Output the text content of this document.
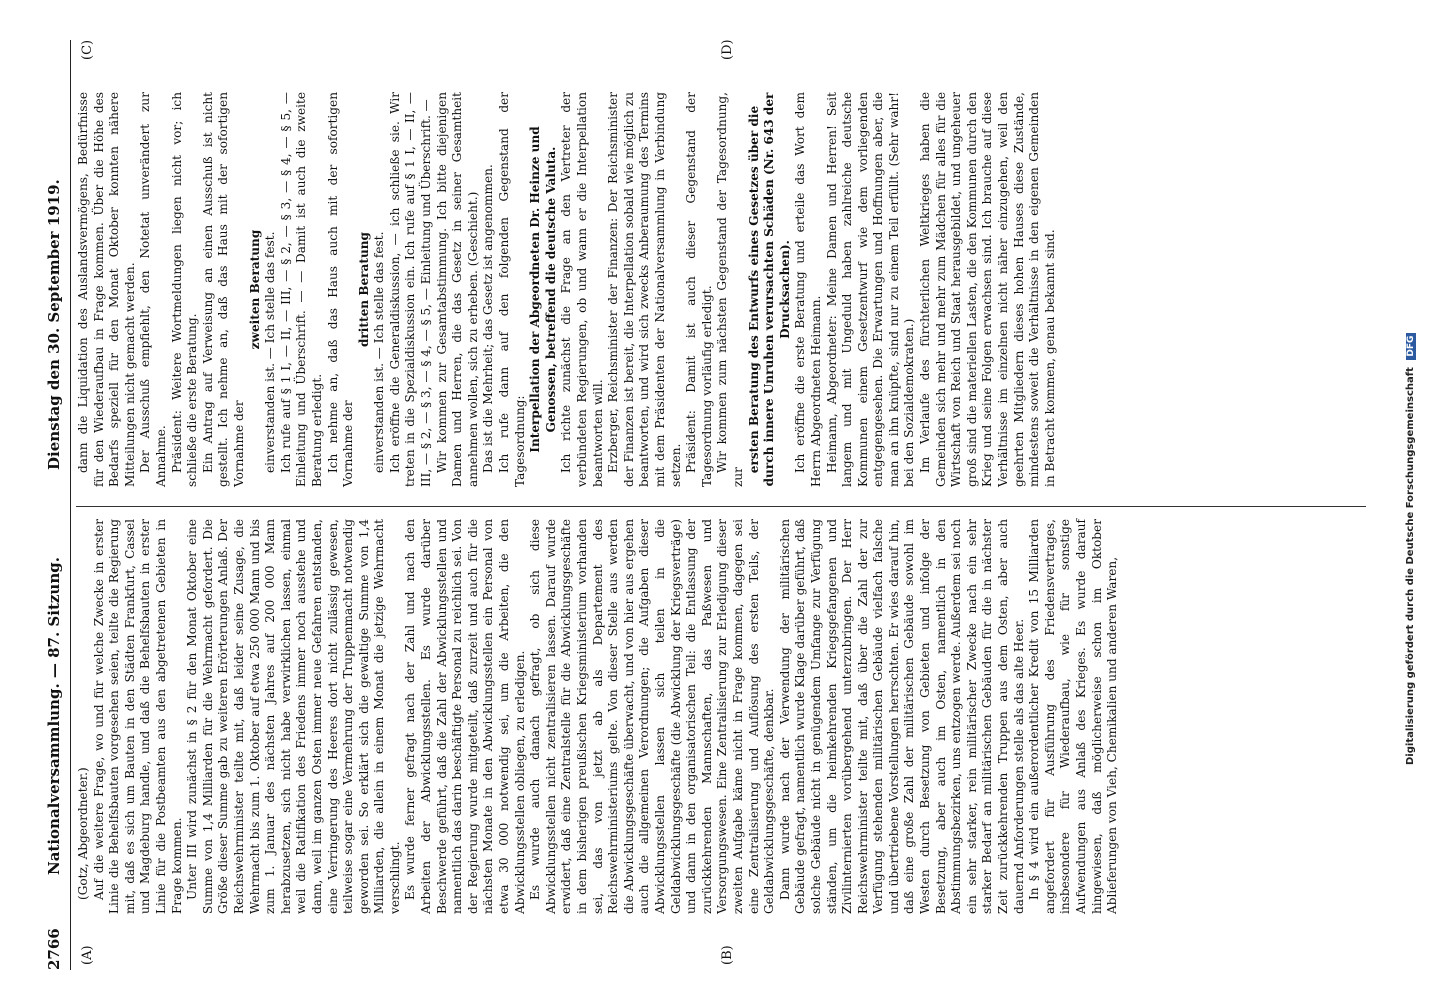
2766
Nationalversammlung. — 87. Sitzung.
Dienstag den 30. September 1919.
(A)	(B)
(C)	(D)

(Gotz, Abgeordneter.) Auf die weitere Frage, wo und für welche Zwecke in erster Linie die Behelfsbauten vorgesehen seien, teilte die Regierung mit, daß es sich um Bauten in den Städten Frankfurt, Cassel und Magdeburg handle, und daß die Behelfsbauten in erster Linie für die Postbeamten aus den abgetretenen Gebieten in Frage kommen. Unter III wird zunächst in § 2 für den Monat Oktober eine Summe von 1,4 Milliarden für die Wehrmacht gefordert. Die Größe dieser Summe gab zu weiteren Erörterungen Anlaß. Der Reichswehrminister teilte mit, daß leider seine Zusage, die Wehrmacht bis zum 1. Oktober auf etwa 250 000 Mann und bis zum 1. Januar des nächsten Jahres auf 200 000 Mann herabzusetzen, sich nicht habe verwirklichen lassen, einmal weil die Ratifikation des Friedens immer noch ausstehe und dann, weil im ganzen Osten immer neue Gefahren entstanden, eine Verringerung des Heeres dort nicht zulässig gewesen, teilweise sogar eine Vermehrung der Truppenmacht notwendig geworden sei. So erklärt sich die gewaltige Summe von 1,4 Milliarden, die allein in einem Monat die jetzige Wehrmacht verschlingt. Es wurde ferner gefragt nach der Zahl und nach den Arbeiten der Abwicklungsstellen. Es wurde darüber Beschwerde geführt, daß die Zahl der Abwicklungsstellen und namentlich das darin beschäftigte Personal zu reichlich sei. Von der Regierung wurde mitgeteilt, daß zurzeit und auch für die nächsten Monate in den Abwicklungsstellen ein Personal von etwa 30 000 notwendig sei, um die Arbeiten, die den Abwicklungsstellen obliegen, zu erledigen. Es wurde auch danach gefragt, ob sich diese Abwicklungsstellen nicht zentralisieren lassen. Darauf wurde erwidert, daß eine Zentralstelle für die Abwicklungsgeschäfte in dem bisherigen preußischen Kriegsministerium vorhanden sei, das von jetzt ab als Departement des Reichswehrministeriums gelte. Von dieser Stelle aus werden die Abwicklungsgeschäfte überwacht, und von hier aus ergehen auch die allgemeinen Verordnungen; die Aufgaben dieser Abwicklungsstellen lassen sich teilen in die Geldabwicklungsgeschäfte (die Abwicklung der Kriegsverträge) und dann in den organisatorischen Teil: die Entlassung der zurückkehrenden Mannschaften, das Paßwesen und Versorgungswesen. Eine Zentralisierung zur Erledigung dieser zweiten Aufgabe käme nicht in Frage kommen, dagegen sei eine Zentralisierung und Auflösung des ersten Teils, der Geldabwicklungsgeschäfte, denkbar. Dann wurde nach der Verwendung der militärischen Gebäude gefragt, namentlich wurde Klage darüber geführt, daß solche Gebäude nicht in genügendem Umfange zur Verfügung ständen, um die heimkehrenden Kriegsgefangenen und Zivilinternierten vorübergehend unterzubringen. Der Herr Reichswehrminister teilte mit, daß über die Zahl der zur Verfügung stehenden militärischen Gebäude vielfach falsche und übertriebene Vorstellungen herrschten. Er wies darauf hin, daß eine große Zahl der militärischen Gebäude sowohl im Westen durch Besetzung von Gebieten und infolge der Besetzung, aber auch im Osten, namentlich in den Abstimmungsbezirken, uns entzogen werde. Außerdem sei noch ein sehr starker, rein militärischer Zwecke nach ein sehr starker Bedarf an militärischen Gebäuden für die in nächster Zeit zurückkehrenden Truppen aus dem Osten, aber auch dauernd Anforderungen stelle als das alte Heer. In § 4 wird ein außerordentlicher Kredit von 15 Milliarden angefordert für Ausführung des Friedensvertrages, insbesondere für Wiederaufbau, wie für sonstige Aufwendungen aus Anlaß des Krieges. Es wurde darauf hingewiesen, daß möglicherweise schon im Oktober Ablieferungen von Vieh, Chemikalien und anderen Waren,

dann die Liquidation des Auslandsvermögens, Bedürfnisse für den Wiederaufbau in Frage kommen. Über die Höhe des Bedarfs speziell für den Monat Oktober konnten nähere Mitteilungen nicht gemacht werden. Der Ausschuß empfiehlt, den Notetat unverändert zur Annahme. Präsident: Weitere Wortmeldungen liegen nicht vor; ich schließe die erste Beratung. Ein Antrag auf Verweisung an einen Ausschuß ist nicht gestellt. Ich nehme an, daß das Haus mit der sofortigen Vornahme der

zweiten Beratung einverstanden ist. — Ich stelle das fest. Ich rufe auf § 1 I, — II, — III, — § 2, — § 3, — § 4, — § 5, — Einleitung und Überschrift. — — Damit ist auch die zweite Beratung erledigt. Ich nehme an, daß das Haus auch mit der sofortigen Vornahme der

dritten Beratung einverstanden ist. — Ich stelle das fest. Ich eröffne die Generaldiskussion, — ich schließe sie. Wir treten in die Spezialdiskussion ein. Ich rufe auf § 1 I, — II, — III, — § 2, — § 3, — § 4, — § 5, — Einleitung und Überschrift. — Wir kommen zur Gesamtabstimmung. Ich bitte diejenigen Damen und Herren, die das Gesetz in seiner Gesamtheit annehmen wollen, sich zu erheben. (Geschieht.) Das ist die Mehrheit; das Gesetz ist angenommen. Ich rufe dann auf den folgenden Gegenstand der Tagesordnung: Interpellation der Abgeordneten Dr. Heinze und Genossen, betreffend die deutsche Valuta. Ich richte zunächst die Frage an den Vertreter der verbündeten Regierungen, ob und wann er die Interpellation beantworten will. Erzberger, Reichsminister der Finanzen: Der Reichsminister der Finanzen ist bereit, die Interpellation sobald wie möglich zu beantworten, und wird sich zwecks Anberaumung des Termins mit dem Präsidenten der Nationalversammlung in Verbindung setzen. Präsident: Damit ist auch dieser Gegenstand der Tagesordnung vorläufig erledigt. Wir kommen zum nächsten Gegenstand der Tagesordnung, zur

ersten Beratung des Entwurfs eines Gesetzes über die durch innere Unruhen verursachten Schäden (Nr. 643 der Drucksachen). Ich eröffne die erste Beratung und erteile das Wort dem Herrn Abgeordneten Heimann. Heimann, Abgeordneter: Meine Damen und Herren! Seit langem und mit Ungeduld haben zahlreiche deutsche Kommunen einem Gesetzentwurf wie dem vorliegenden entgegengesehen. Die Erwartungen und Hoffnungen aber, die man an ihn knüpfte, sind nur zu einem Teil erfüllt. (Sehr wahr! bei den Sozialdemokraten.) Im Verlaufe des fürchterlichen Weltkrieges haben die Gemeinden sich mehr und mehr zum Mädchen für alles für die Wirtschaft von Reich und Staat herausgebildet, und ungeheuer groß sind die materiellen Lasten, die den Kommunen durch den Krieg und seine Folgen erwachsen sind. Ich brauche auf diese Verhältnisse im einzelnen nicht näher einzugehen, weil den geehrten Mitgliedern dieses hohen Hauses diese Zustände, mindestens soweit die Verhältnisse in den eigenen Gemeinden in Betracht kommen, genau bekannt sind.

Digitalisierung gefördert durch die Deutsche Forschungsgemeinschaft DFG
